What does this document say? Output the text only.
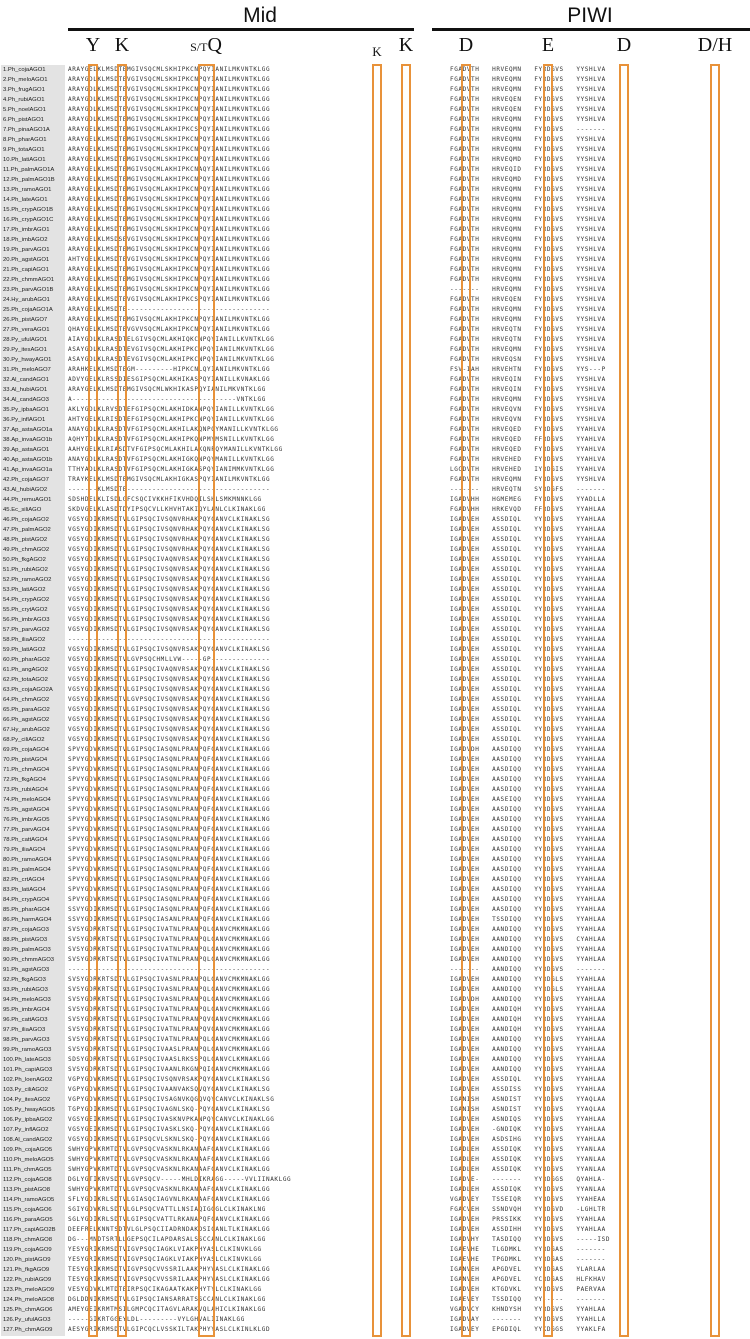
Mid	PIWI
Y K	S/TQ	K K D	E	D	D/H
1.Ph_cojaAGO1	ARAYGELKLMSDTEMGIVSQCMLSKHIPKCNPQYIANILMKVNTKLGG	FGADVTH   HRVEQMN   FYRDGVS   YYSHLVA
2.Ph_meloAGO1	ARAYGDLKLMSDTEVGIVSQCMLSKHIPKCNPQYIANILMKVNTKLGG	FGADVTH   HRVEQMN   FYRDGVS   YYSHLVA
3.Ph_frugAGO1	ARAYGDLKLMSDTEVGIVSQCMLSKHIPKCNPQYIANILMKVNTKLGG	FGADVTH   HRVEQMN   FYRDGVS   YYSHLVA
4.Ph_rubiAGO1	ARAYGDLKLMSDTEVGIVSQCMLSKHIPKCNPQYIANILMKVNTKLGG	FGADVTH   HRVEQEN   FYRDGVS   YYSHLVA
5.Ph_noelAGO1	ARAYGDLKLMSDTEVGIVSQCMLSKHIPKCNPQYIANILMKVNTKLGG	FGADVTH   HRVEQEN   FYRDGVS   YYSHLVA
6.Ph_pistAGO1	ARAYGDLKLMSDTEMGIVSQCMLSKHIPKCNPQYIANILMKVNTKLGG	FGADVTH   HRVEQMN   FYRDGVS   YYSHLVA
7.Ph_pinaAGO1A	ARAYGELKLMSDTEMGIVSQCMLAKHIPKCSPQYIANILMKVNTKLGG	FGADVTH   HRVEQMN   FYRDGVS   -------
8.Ph_pharAGO1	ARAYGELKLMSDTEMGIVSQCMLSKHIPKCNPQYIANILMKVNTKLGG	FGADVTH   HRVEQMN   FYRDGVS   YYSHLVA
9.Ph_totaAGO1	ARAYGELKLMSDTEMGIVSQCMLSKHIPKCNPQYIANILMKVNTKLGG	FGADVTH   HRVEQMN   FYRDGVS   YYSHLVA
10.Ph_latiAGO1	ARAYGELKLMSDTEMGIVSQCMLSKHIPKCNPQYIANILMKVNTKLGG	FGADVTH   HRVEQMD   FYRDGVS   YYSHLVA
11.Ph_palmAGO1A	ARAYGELKLMSDTEMGIVSQCMLAKHIPKCNAQYIANILMKVNTKLGG	FGADVTH   HRVEQID   FYRDGVS   YYSHLVA
12.Ph_palmAGO1B	ARAYGELKLMSDTEMGIVSQCMLAKHIPKCNPQYIANILMKVNTKLGG	FGADVTH   HRVEQMD   FYRDGVS   YYSHLVA
13.Ph_ramoAGO1	ARAYGELKLMSDTEMGIVSQCMLAKHIPKCNPQYIANILMKVNTKLGG	FGADVTH   HRVEQMN   FYRDGVS   YYSHLVA
14.Ph_lateAGO1	ARAYGELKLMSDTEMGIVSQCMLSKHIPKCNPQYIANILMKVNTKLGG	FGADVTH   HRVEQMN   FYRDGVS   YYSHLVA
15.Ph_crypAGO1B	ARAYGELKLMSDTEMGIVSQCMLSKHIPKCNPQYIANILMKVNTKLGG	FGADVTH   HRVEQMN   FYRDGVS   YYSHLVA
16.Ph_crypAGO1C	ARAYGELKLMSDTEMGIVSQCMLSKHIPKCNPQYIANILMKVNTKLGG	FGADVTH   HRVEQMN   FYRDGVS   YYSHLVA
17.Ph_imbrAGO1	ARAYGELKLMSDTEMGIVSQCMLSKHIPKCNPQYIANILMKVNTKLGG	FGADVTH   HRVEQMN   FYRDGVS   YYSHLVA
18.Ph_imbAGO2	ARAYGELKLMSDSEVGIVSQCMLSKHIPKCNPQYIANILMKVNTKLGG	FGADVTH   HRVEQMN   FYRDGVS   YYSHLVA
19.Ph_parvAGO1	ARAYGELKLMSDTEMGIVSQCMLSKHIPKCNPQYIANILMKVNTKLGG	FGADVTH   HRVEQMN   FYRDGVS   YYSHLVA
20.Ph_agstAGO1	AHTYGELKLMSDTEVGIVSQCMLSKHIPKCNPQYIANILMKVNTKLGG	FGADVTH   HRVEQMN   FYRDGVS   YYSHLVA
21.Ph_capiAGO1	ARAYGELKLMSDTEMGIVSQCMLAKHIPKCNPQYIANILMKVNTKLGG	FGADVTH   HRVEQMN   FYRDGVS   YYSHLVA
22.Ph_chmmAGO1	ARAYGELKLMSDTEMGIVSQCMLSKHIPKCNPQYIANILMKVNTKLGG	FGADVTH   HRVEQMN   FYRDGVS   YYSHLVA
23.Ph_parvAGO1B	ARAYGELKLMSDTEMGIVSQCMLSKHIPKCNPQYIANILMKVNTKLGG	-------   HRVEQMN   FYRDGVS   YYSHLVA
24.Hy_arubAGO1	ARAYGELKLMSDTEVGIVSQCMLAKHIPKCSPQYIANILMKVNTKLGG	FGADVTH   HRVEQEN   FYRDGVS   YYSHLVA
25.Ph_cojaAGO1A	ARAYGELKLMSDTE----------------------------------	FGADVTH   HRVEQMN   FYRDGVS   YYSHLVA
26.Ph_pistAGO7	ARAYGELKLMSDTEMGIVSQCMLAKHIPKCNPQYIANILMKVNTKLGG	FGADVTH   HRVEQMN   FYRDGVS   YYSHLVA
27.Ph_veraAGO1	QHAYGELKLMSDTEVGVVSQCMLAKHIPKCNPQYIANILMKVNTKLGG	FGADVTH   HRVEQTN   FYRDGVS   YYSHLVA
28.Py_ufulAGO1	AIAYGDLKLRASDTELGIVSQCMLAKHIQKCNPQYIANILLKVNTKLGG	FGADVTH   HRVEQTN   FYRDGVS   YYSHLVA
29.Py_itesAGO1	ASAYGDLKLRASDTEVGIVSQCMLAKHIPKCNPQYIANILMKVNTKLGG	FGADVTH   HRVEQMN   FYRDGVS   YYSHLVA
30.Py_hwayAGO1	ASAYGDLKLRASDTEVGIVSQCMLAKHIPKCNPQYIANILMKVNTKLGG	FGADVTH   HRVEQSN   FYRDGVS   YYSHLVA
31.Ph_meloAGO7	ARAHKELKLMSDTEGM---------HIPKCNLQYIANILMKVNTKLGG	FSV-IAH   HRVEHTN   FYRDGVS   YYS---P
32.Al_candAGO1	ADVYGELKLRSSDIESGIPSQCMLAKHIKASPQYIANILLKVNAKLGG	FGADVTH   HRVEQIN   FYRDGVS   YYSHLVA
33.Al_hubiAGO1	ARAYGELKLMSDTEMGIVSQCMLWKHIKASPQYIANILMKVNTKLGG	FGADVTH   HRVEQIN   FYRDGVS   YYSHLVA
34.Al_candAGO3	A---------------------------------------VNTKLGG	FGADVTH   HRVEQMN   FYRDGVS   YYSHLVA
35.Py_ipbaAGO1	AKLYGDLKLRVSDTEFGIPSQCMLAKHIDKANPQYIANILLKVNTKLGG	FGADVTH   HRVEQVN   FYRDGVS   YYSHLVA
36.Py_inflAGO1	AHTYGELKLRISDTEFGIPSQCMLAKHIPKCNPQYIANILLKVNTKLGG	FGADVTH   HRVEQVN   FYRDGVS   YYSHLVA
37.Ap_astaAGO1a	ANAYGDLKLRASDTVFGIPSQCMLAKHILAKQNPQYMANILLKVNTKLGG	FGADVTH   HRVEQED   FYRDGVS   YYAHLVA
38.Ap_invaAGO1b	AQHYTDLKLRASDTVFGIPSQCMLAKHIPKQNPMYMSNILLKVNTKLGG	FGADVTH   HRVEQED   FFRDGVS   YYAHLVA
39.Ap_astaAGO1	AAHYGELKLRIASDTVFGIPSQCMLAKHILAKQNPQYMANILLKVNTKLGG	FGADVTH   HRVEQED   FYRDGVS   YYAHLVA
40.Ap_astaAGO1b	ANAYGDLKLRASDTVFGIPSQCMLAKHIGKQNPQYMANILLKVNTKLGG	FGADVTH   HRVEHED   FYRDGVS   YYAHLVA
41.Ap_invaAGO1a	TTHYADLKLRASDTVFGIPSQCMLAKHIGKASPQYIANIMMKVNTKLGG	LGCDVTH   HRVEHED   IYRDGIS   YYAHLVA
42.Ph_cojaAGO7	TRAYKELKLMSDTEMGIVSQCMLAKHIGKASPQYIANILMKVNTKLGG	FGADVTH   HRVEQMN   FYRDGVS   YYSHLVA
43.Al_hubiAGO2	-------KLMSDTE----------------------------------	-------   HRVEQTN   SYRDGFS   -------
44.Ph_remuAGO1	SDSHDELKLISDLGFCSQCIVKKHFIKVHDQILSHLSMKMNNKLGG	IGADVHH   HGMEMEG   FYRDGVS   YYADLLA
45.Ec_siliAGO	SKDVGELKLASDTDYIPSQCVLLKHVHTAKIQYLANLCLKINAKLGG	FGADVHH   HRKEVQD   FFRDGVS   YYAHLAA
46.Ph_cojaAGO2	VGSYGDIKRMSDTVLGIPSQCIVSQNVRHAKPQYCANVCLKINAKLSG	IGADVEH   ASSDIQL   YYRDGVS   YYAHLAA
47.Ph_palmAGO2	VGSYGDIKRMSDTVLGIPSQCIVSQNVRHAKPQYCANVCLKINAKLSG	IGADVEH   ASSDIQL   YYRDGVS   YYAHLAA
48.Ph_pistAGO2	VGSYGDIKRMSDTVLGIPSQCIVSQNVRHAKPQYCANVCLKINAKLSG	IGADVEH   ASSDIQL   YYRDGVS   YYAHLAA
49.Ph_chmAGO2	VGSYGDIKRMSDTVLGIPSQCIVSQNVRHAKPQYCANVCLKINAKLSG	IGADVEH   ASSDIQL   YYRDGVS   YYAHLAA
50.Ph_fkgAGO2	VGSYGDIKRMSDTVLGIPSQCIVAQNVRSAKPQYCANVCLKINAKLSG	IGADVEH   ASSDIQL   YYRDGVS   YYAHLAA
51.Ph_rubiAGO2	VGSYGDIKRMSDTVLGIPSQCIVSQNVRSAKPQYCANVCLKINAKLSG	IGADVEH   ASSDIQL   YYRDGVS   YYAHLAA
52.Ph_ramoAGO2	VGSYGDIKRMSDTVLGIPSQCIVSQNVRSAKPQYCANVCLKINAKLSG	IGADVEH   ASSDIQL   YYRDGVS   YYAHLAA
53.Ph_latiAGO2	VGSYGDIKRMSDTVLGIPSQCIVSQNVRSAKPQYCANVCLKINAKLSG	IGADVEH   ASSDIQL   YYRDGVS   YYAHLAA
54.Ph_crypAGO2	VGSYGDIKRMSDTVLGIPSQCIVSQNVRSAKPQYCANVCLKINAKLSG	IGADVEH   ASSDIQL   YYRDGVS   YYAHLAA
55.Ph_crytAGO2	VGSYGDIKRMSDTVLGIPSQCIVSQNVRSAKPQYCANVCLKINAKLSG	IGADVEH   ASSDIQL   YYRDGVS   YYAHLAA
56.Ph_imbrAGO3	VGSYGDIKRMSDTVLGIPSQCIVSQNVRSAKPQYCANVCLKINAKLSG	IGADVEH   ASSDIQL   YYRDGVS   YYAHLAA
57.Ph_parvAGO2	VGSYGDIKRMSDTVLGIPSQCIVSQNVRSAKPQYCANVCLKINAKLSG	IGADVEH   ASSDIQL   YYRDGVS   YYAHLAA
58.Ph_iliaAGO2	------------------------------------------------	IGADVEH   ASSDIQL   YYRDGVS   YYAHLAA
59.Ph_latiAGO2	VGSYGDIKRMSDTVLGIPSQCIVSQNVRSAKPQYCANVCLKINAKLSG	IGADVEH   ASSDIQL   YYRDGVS   YYAHLAA
60.Ph_pharAGO2	VGSYGDIKRMSDTVLGVPSQCHMLLVW-----GP--------------	IGADVEH   ASSDIQL   YYRDGVS   YYAHLAA
61.Ph_angAGO2	VGSYGDIKRMSDTVLGIPSQCIVAQNVRSAKPQYCANVCLKINAKLSG	IGADVEH   ASSDIQL   YYRDGVS   YYAHLAA
62.Ph_totaAGO2	VGSYGDIKRMSDTVLGIPSQCIVSQNVRSAKPQYCANVCLKINAKLSG	IGADVEH   ASSDIQL   YYRDGVS   YYAHLAA
63.Ph_cojaAGO2A	VGSYGDIKRMSDTVLGIPSQCIVSQNVRSAKPQYCANVCLKINAKLSG	IGADVEH   ASSDIQL   YYRDGVS   YYAHLAA
64.Ph_chmAGO2	VGSYGDIKRMSDTVLGVPSQCIVSQNVRSAKPQYCANVCLKINAKLSG	IGADVEH   ASSDIQL   YYRDGVS   YYAHLAA
65.Ph_paraAGO2	VGSYGDIKRMSDTVLGIPSQCIVSQNVRSAKPQYCANVCLKINAKLSG	IGADVEH   ASSDIQL   YYRDGVS   YYAHLAA
66.Ph_agstAGO2	VGSYGDIKRMSDTVLGIPSQCIVSQNVRSAKPQYCANVCLKINAKLSG	IGADVEH   ASSDIQL   YYRDGVS   YYAHLAA
67.Hy_arubAGO2	VGSYGDIKRMSDTVLGIPSQCIVSQNVRSAKPQYCANVCLKINAKLSG	IGADVEH   ASSDIQL   YYRDGVS   YYAHLAA
68.Py_ciliAGO2	VGSYGDIKRMSDTVLGIPSQCIVSQNVRSAKPQYCANVCLKINAKLSG	IGADVEH   ASSDIQL   YYRDGVS   YYAHLAA
69.Ph_cojaAGO4	SPVYGDVKRMSDTVLGIPSQCIASQNLPRANPQFCANVCLKINAKLGG	IGADVDH   AASDIQQ   YYRDGVS   YYAHLAA
70.Ph_pistAGO4	SPVYGDVKRMSDTVLGIPSQCIASQNLPRANPQFCANVCLKINAKLGG	IGADVEH   AASDIQQ   YYRDGVS   YYAHLAA
71.Ph_chmAGO4	SPVYGDVKRMSDTVLGIPSQCIASQNLPRANPQFCANVCLKINAKLGG	IGADVEH   AASDIQQ   YYRDGVS   YYAHLAA
72.Ph_fkgAGO4	SPVYGDVKRMSDTVLGIPSQCIASQNLPRANPQFCANVCLKINAKLGG	IGADVEH   AASDIQQ   YYRDGVS   YYAHLAA
73.Ph_rubiAGO4	SPVYGDVKRMSDTVLGIPSQCIASQNLPRANPQFCANVCLKINAKLGG	IGADVEH   AASDIQQ   YYRDGVS   YYAHLAA
74.Ph_meloAGO4	SPVYGDVKRMSDTVLGIPSQCIASVNLPRANPQFCANVCLKINAKLGG	IGADVEH   AASEIQQ   YYRDGVS   YYAHLAA
75.Ph_agstAGO4	SPVYGDVKRMSDTVLGIPSQCIASQNLPRANPQFCANVCLKINAKLGG	IGADVEH   AASDIQQ   YYRDGVS   YYAHLAA
76.Ph_imbrAGO5	SPVYGDVKRMSDTVLGIPSQCIASQNLPRANPQFCANVCLKINAKLNG	IGADVEH   AASDIQQ   YYRDGVS   YYAHLAA
77.Ph_parvAGO4	SPVYGDVKRMSDTVLGIPSQCIASQNLPRANPQFCANVCLKINAKLGG	IGADVEH   AASDIQQ   YYRDGVS   YYAHLAA
78.Ph_cattAGO4	SPVYGDVKRMSDTVLGIPSQCIASQNLPRANPQFCANVCLKINAKLGG	IGADVEH   AASDIQQ   YYRDGVS   YYAHLAA
79.Ph_iliaAGO4	SPVYGDVKRMSDTVLGIPSQCIASQNLPRANPQFCANVCLKINAKLGG	IGADVEH   AASDIQQ   YYRDGVS   YYAHLAA
80.Ph_ramoAGO4	SPVYGDVKRMSDTVLGIPSQCIASQNLPRANPQFCANVCLKINAKLGG	IGADVEH   AASDIQQ   YYRDGVS   YYAHLAA
81.Ph_palmAGO4	SPVYGDVKRMSDTVLGIPSQCIASQNLPRANPQFCANVCLKINAKLGG	IGADVEH   AASDIQQ   YYRDGVS   YYAHLAA
82.Ph_crtAGO4	SPVYGDVKRMSDTVLGIPSQCIASQNLPRANPQFCANVCLKINAKLGG	IGADVEH   AASDIQQ   YYRDGVS   YYAHLAA
83.Ph_latiAGO4	SPVYGDVKRMSDTVLGIPSQCIASQNLPRANPQFCANVCLKINAKLGG	IGADVEH   AASDIQQ   YYRDGVS   YYAHLAA
84.Ph_crypAGO4	SPVYGDVKRMSDTVLGIPSQCIASQNLPRANPQFCANVCLKINAKLGG	IGADVEH   AASDIQQ   YYRDGVS   YYAHLAA
85.Ph_pharAGO4	SSVYGDIKRMSDTVLGIPSQCIASQNLPRANPQFCANVCLKINAKLGG	IGADVEH   AASDIQQ   YYRDGVS   YYAHLAA
86.Ph_harmAGO4	SSVYGDIKRMSDTVLGIPSQCIASANLPRANPQFCANVCLKINAKLGG	IGADVEH   TSSDIQQ   YYRDGVS   YYAHLAA
87.Ph_cojaAGO3	SVSYGDRKRTSDTVLGIPSQCIVATNLPRANPQLCANVCMKMNAKLGG	IGADVEH   AANDIQQ   YYRDGVS   YYAHLAA
88.Ph_pistAGO3	SVSYGDRKRTSDTVLGIPSQCIVATNLPRANPQLCANVCMKMNAKLGG	IGADVEH   AANDIQQ   YYRDGVS   CYAHLAA
89.Ph_palmAGO3	SVSYGDRKRTSDTVLGIPSQCIVATNLPRANPQLCANVCMKMNAKLGG	IGADVEH   AANDIQQ   YYRDGVS   YYAHLAA
90.Ph_chmmAGO3	SVSYGDRKRTSDTVLGIPSQCIVATNLPRANPQLCANVCMKMNAKLGG	IGADVEH   AANDIQQ   YYRDGVS   YYAHLAA
91.Ph_agstAGO3	------------------------------------------------	-------   AANDIQQ   YYRDGVS   -------
92.Ph_fkgAGO3	SVSYGDRKRTSDTVLGIPSQCIVASNLPRANPQLCANVCMKMNAKLGG	IGADVEH   AANDIQQ   YYRDGLS   YYAHLAA
93.Ph_rubiAGO3	SVSYGDRKRTSDTVLGIPSQCIVASNLPRANPQLCANVCMKMNAKLGG	IGADVEH   AANDIQQ   YYRDGLS   YYAHLAA
94.Ph_meloAGO3	SVSYGDRKRTSDTVLGIPSQCIVASNLPRANPQLCANVCMKMNAKLGG	IGADVDH   AANDIQQ   YYRDGVS   YYAHLAA
95.Ph_imbrAGO4	SVSYGDRKRTSDTVLGIPSQCIVATNLPRANPQLCANVCMKMNAKLGG	IGADVEH   AANDIQH   YYRDGVS   YYAHLAA
96.Ph_cattAGO3	SVSYGDRKRTSDTVLGIPSQCIVATNLPRANPQVCANVCMKMNAKLGG	IGADVEH   AANDIQH   YYRDGVS   YYAHLAA
97.Ph_iliaAGO3	SVSYGDRKRTSDTVLGIPSQCIVATNLPRANPQVCANVCMKMNAKLGG	IGADVEH   AANDIQH   YYRDGVS   YYAHLAA
98.Ph_parvAGO3	SVSYGDRKRTSDTVLGIPSQCIVATNLPRANPQLCANVCMKMNAKLGG	IGADVEH   AANDIQQ   YYRDGVS   YYAHLAA
99.Ph_ramoAGO3	SVSYGDRKRTSDTVLGIPSQCIVAASLPRANPQLCANVCMKMNAKLGG	IGADVEH   AANDIQQ   YYRDGVS   YYAHLAA
100.Ph_lateAGO3	SDSYGDRKRTSDTVLGIPSQCIVAASLRKSSPQLCANVCLKMNAKLGG	IGADVEH   AANDIQQ   YYRDGVS   YYAHLAA
101.Ph_capiAGO3	SVSYGDRKRTSDTVLGIPSQCIVAANLRKGNPQICANVCMKMNAKLGG	IGADVEH   AANDIQQ   YYRDGVS   YYAHLAA
102.Ph_loenAGO2	VGPYGDVKRMSDTVLGIPSQCIVSQNVRSAKPQYCANVCLKINAKLSG	IGADVEH   ASSDIQL   YYRDGVS   YYAHLAA
103.Py_ciliAGO2	VGPYGDVKRMSDTVLGIPSQCIVAANVAKSQVQYCANVCLKINAKLSG	IGADVEH   ASSDISS   YYRDGVS   YYAHLAA
104.Py_itesAGO2	VGPYGDVKRMSDTVLGIPSQCIVSAGNVKQGQVQYCANVCLKINAKLSG	IGANISH   ASNDIST   YYRDGVS   YYAQLAA
105.Py_hwayAGO5	TGPYGDIKRMSDTVLGIPSQCIVAGNLSKQ-PQYCANVCLKINAKLSG	IGANISH   ASNDIST   YYRDGVS   YYAQLAA
106.Py_ipbaAGO2	VGSYGEIKRMSDTVLGIPSQCIVASKNVPKANPQYCANVCLKINAKLGG	IGADVEH   ASNDIQS   YYRDGVS   YYAHLAA
107.Py_inflAGO2	VGSYGEIKRMSDTVLGIPSQCIVASKLSKQ-PQYCANVCLKINAKLGG	IGADVEH   -GNDIQK   YYRDGVS   YYAHLAA
108.Al_candAGO2	VGSYGDIKRMSDTVLGIPSQCVLSKNLSKQ-PQYCANVCLKINAKLGG	IGADVEH   ASDSIHG   YYRDGVS   YYAHLAA
109.Ph_cojaAGO5	SWHYGPVKRMTDTVLGVPSQCVASKNLRKANAAFCANVCLKINAKLGG	IGADLEH   ASSDIQK   YYRDGVS   YYANLAA
110.Ph_meloAGO5	SWHYGPVKRMTDTVLGVPSQCVASKNLRKANAAFCANVCLKINAKLGG	IGADLEH   ASSDIQK   YYRDGVS   YYANLAA
111.Ph_chmAGO5	SWHYGPVKRMTDTVLGVPSQCVASKNLRKANAAFCANVCLKINAKLGG	IGADLEH   ASSDIQK   YYRDGVS   YYANLAA
112.Ph_cojaAGO8	DGLYGTIKRVSDTVLGVPSQCV-----MHLDIKRAGG-----VVLIINAKLGG	IGADVE-   -------   YYRDGGS   QYAHLA-
113.Ph_pistAGO8	SWHYGPVKRMTDTVLGVPSQCVASKNLRKANAAFCANVCLKINAKLGG	IGADLEH   ASSDIQK   YYRDGVS   YYANLAA
114.Ph_ramoAGO5	SFLYGDIKRLSDTVLGIASQCIAGVNLRKANAAFCANVCLKINAKLGG	VGADVEY   TSSEIQR   YYRDGVS   YYAHEAA
115.Ph_cojaAGO6	SGIYGDVKRLSDTVLGLPSQCVATTLLNSIAQIGGGLCLKINAKLNG	FGACVEH   SSNDVQH   YYRDGVD   -LGHLTR
116.Ph_paraAGO5	SGLYGDIKRLSDTVLGIPSQCVATTLRKANAPQFCANVCLKINAKLGG	IGADVEH   PRSSIKK   YYRDGVS   YYAHLAA
117.Ph_capiAGO2B	DEEFRELKNNTSDTVLGLPSQCIIADRNDAKDSICANLTLKINAKLGG	IGADVEH   ASSDIHH   YYRDGVS   YYAHLAA
118.Ph_chmAGO8	DG---MNDTSRTLLGEPSQCILAPDARSALSSCCANLCLKINAKLGG	IGADVHY   TASDIQQ   YYRDGVS   -----ISD
119.Ph_cojaAGO9	YESYGRIKRMSDTVIGVPSQCIAGKLVIAKPHYASLCLKINVKLGG	IGAEVHE   TLGDMKL   YYRDGAS   -------
120.Ph_pistAGO9	YESYGRIKRMSDTVIGVPSQCIAGKLVIAKPHYASLCLKINVKLGG	IGAEVHE   TPGDMKL   YYRDGAS   -------
121.Ph_fkgAGO9	TESYGRIKRMSDTVIGVPSQCVVSSRILAAKPHYVASLCLKINAKLGG	IGANVEH   APGDVEL   YYRDGAS   YLARLAA
122.Ph_rubiAGO9	TESYGRIKRMSDTVIGVPSQCVVSSRILAAKPHYVASLCLKINAKLGG	IGANVEH   APGDVEL   YCRDGAS   HLFKHAV
123.Ph_meloAGO9	VESYGDVKLMTDTEIRPSQCIKAGAATKAKPHYTYLCLKINAKLGG	IGADVEH   KTGDVKL   YYRDGVS   PAERVAA
124.Ph_meloAGO8	DGLDDNIKRMSDTVLGIPSQCIANSARRATSSCCANLCLKINAKLGG	IGAEVEY   TSSDIQQ   YY-----   -------
125.Ph_chmAGO6	AMEYGEIKRMTMSILGMPCQCITAGVLARAKVQLAHICLKINAKLGG	VGADVCY   KHNDYSH   YYRDGVS   YYAHLAA
126.Py_ufulAGO3	-----GIKRTGGEYLDL---------VYLGHVALIINAKLGG	IGADVAY   -------   YYRDGVS   YYAHLLA
127.Ph_chmAGO9	AESYGRIKRMSDTVLGIPCQCLVSSKILTAKPHYYASLCLKINLKLGD	IGADVEY   EPGDIQL   YYKDGGS   YYAKLFA
